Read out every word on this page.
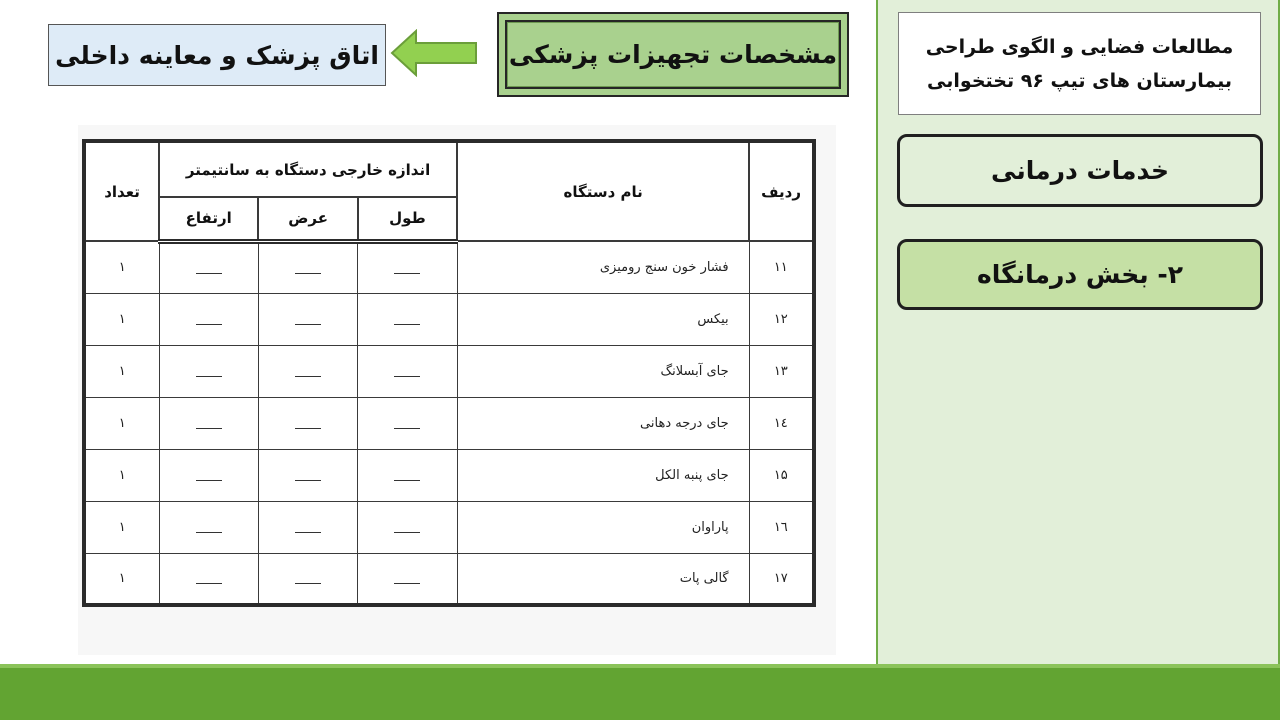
مطالعات فضایی و الگوی طراحی
بیمارستان های تیپ ۹۶ تختخوابی
خدمات درمانی
۲- بخش درمانگاه
مشخصات تجهیزات پزشکی
اتاق پزشک و معاینه داخلی
ردیف	نام دستگاه	اندازه خارجی دستگاه به سانتیمتر			تعداد
		طول	عرض	ارتفاع	
۱۱	فشار خون سنج رومیزی				۱
۱۲	بیکس				۱
۱۳	جای آبسلانگ				۱
۱٤	جای درجه دهانی				۱
۱۵	جای پنبه الکل				۱
۱٦	پاراوان				۱
۱۷	گالی پات				۱
